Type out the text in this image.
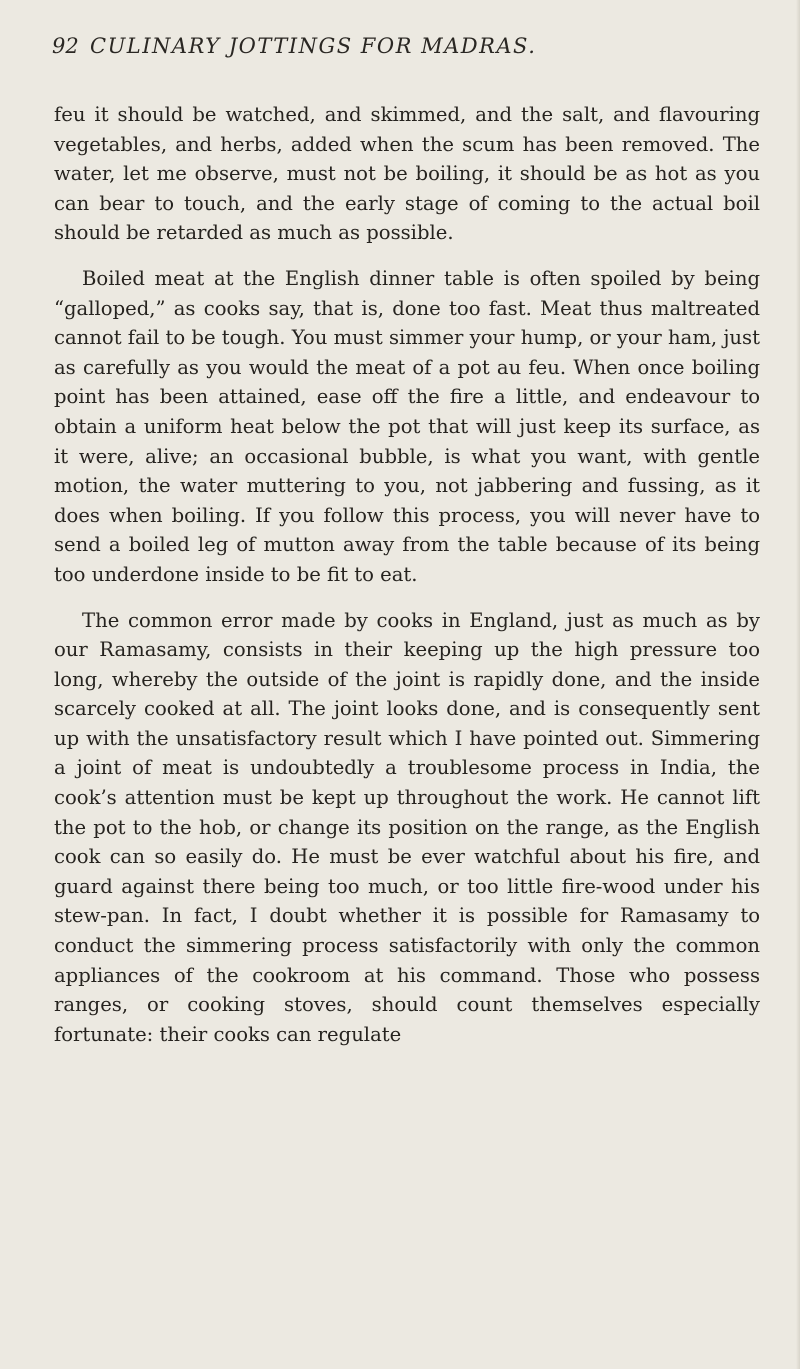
92 CULINARY JOTTINGS FOR MADRAS.

feu it should be watched, and skimmed, and the salt, and flavouring vegetables, and herbs, added when the scum has been removed. The water, let me observe, must not be boiling, it should be as hot as you can bear to touch, and the early stage of coming to the actual boil should be retarded as much as possible.

Boiled meat at the English dinner table is often spoiled by being “galloped,” as cooks say, that is, done too fast. Meat thus maltreated cannot fail to be tough. You must simmer your hump, or your ham, just as carefully as you would the meat of a pot au feu. When once boiling point has been attained, ease off the fire a little, and endeavour to obtain a uniform heat below the pot that will just keep its surface, as it were, alive; an occasional bubble, is what you want, with gentle motion, the water muttering to you, not jabbering and fussing, as it does when boiling. If you follow this process, you will never have to send a boiled leg of mutton away from the table because of its being too underdone inside to be fit to eat.

The common error made by cooks in England, just as much as by our Ramasamy, consists in their keeping up the high pressure too long, whereby the outside of the joint is rapidly done, and the inside scarcely cooked at all. The joint looks done, and is consequently sent up with the unsatisfactory result which I have pointed out. Simmering a joint of meat is undoubtedly a troublesome process in India, the cook’s attention must be kept up throughout the work. He cannot lift the pot to the hob, or change its position on the range, as the English cook can so easily do. He must be ever watchful about his fire, and guard against there being too much, or too little fire-wood under his stew-pan. In fact, I doubt whether it is possible for Ramasamy to conduct the simmering process satisfactorily with only the common appliances of the cookroom at his command. Those who possess ranges, or cooking stoves, should count themselves especially fortunate: their cooks can regulate
